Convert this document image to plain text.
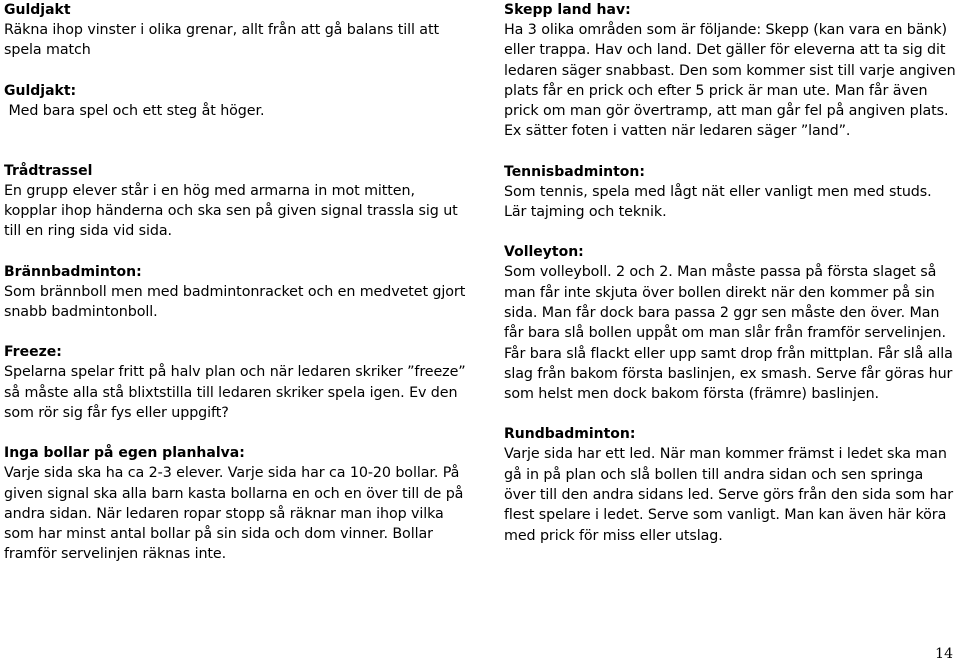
Guldjakt

Räkna ihop vinster i olika grenar, allt från att gå balans till att spela match

Guldjakt:

Med bara spel och ett steg åt höger.

Trådtrassel

En grupp elever står i en hög med armarna in mot mitten, kopplar ihop händerna och ska sen på given signal trassla sig ut till en ring sida vid sida.

Brännbadminton:

Som brännboll men med badmintonracket och en medvetet gjort snabb badmintonboll.

Freeze:

Spelarna spelar fritt på halv plan och när ledaren skriker ”freeze” så måste alla stå blixtstilla till ledaren skriker spela igen. Ev den som rör sig får fys eller uppgift?

Inga bollar på egen planhalva:

Varje sida ska ha ca 2-3 elever. Varje sida har ca 10-20 bollar. På given signal ska alla barn kasta bollarna en och en över till de på andra sidan. När ledaren ropar stopp så räknar man ihop vilka som har minst antal bollar på sin sida och dom vinner. Bollar framför servelinjen räknas inte.

Skepp land hav:

Ha 3 olika områden som är följande: Skepp (kan vara en bänk) eller trappa. Hav och land. Det gäller för eleverna att ta sig dit ledaren säger snabbast. Den som kommer sist till varje angiven plats får en prick och efter 5 prick är man ute. Man får även prick om man gör övertramp, att man går fel på angiven plats. Ex sätter foten i vatten när ledaren säger ”land”.

Tennisbadminton:

Som tennis, spela med lågt nät eller vanligt men med studs. Lär tajming och teknik.

Volleyton:

Som volleyboll. 2 och 2. Man måste passa på första slaget så man får inte skjuta över bollen direkt när den kommer på sin sida. Man får dock bara passa 2 ggr sen måste den över. Man får bara slå bollen uppåt om man slår från framför servelinjen. Får bara slå flackt eller upp samt drop från mittplan. Får slå alla slag från bakom första baslinjen, ex smash. Serve får göras hur som helst men dock bakom första (främre) baslinjen.

Rundbadminton:

Varje sida har ett led. När man kommer främst i ledet ska man gå in på plan och slå bollen till andra sidan och sen springa över till den andra sidans led. Serve görs från den sida som har flest spelare i ledet. Serve som vanligt. Man kan även här köra med prick för miss eller utslag.

14
